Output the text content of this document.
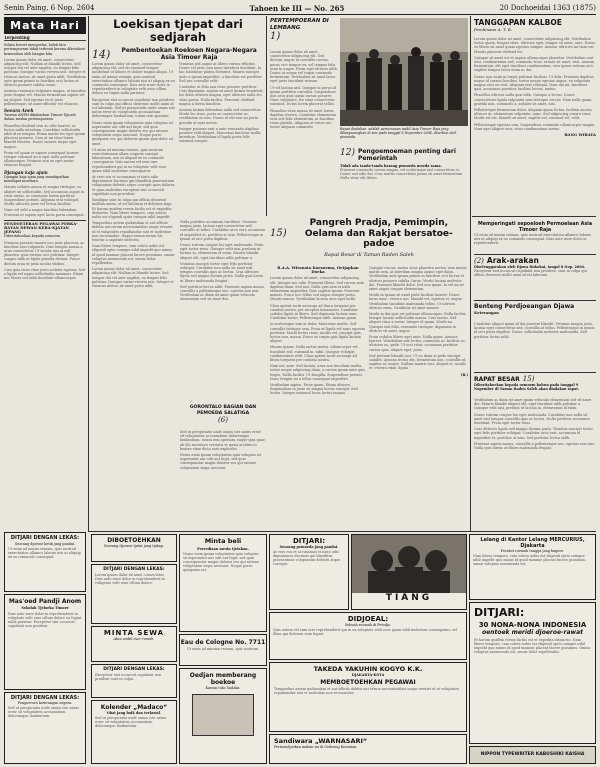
Senin Paing, 6 Nop. 2604	Tahoen ke III — No. 265	20 Dochoeidai 1363 (1875)
Mata Hari
Terpenting

Selain beroet mengoelas, boleh kita pertempoeran tidak terhenti kerena diketahoei kemoedian oleh bangsa kita.

Lorem ipsum dolor sit amet, consectetur adipiscing elit. Nullam at blandit lectus. Sed tempor dui vel ante sagittis, eu feugiat felis pulvinar. Quisque varius viverra nisi. Integer et rhoncus metus, sit amet porta nibh. Vestibulum ante ipsum primis in faucibus orci luctus et ultrices posuere cubilia curae.

Aenean venenatis vulputate magna, ut faucibus justo feugiat vel. Mauris fermentum sapien vel mi aliquet. Sed egestas ex et justo pellentesque, sit amet efficitur est rhoncus.

Soeara Aneh

Taswan ANEH dikabarkan Timoer Djaoeh dalam medan pertempoeran.

Phasellus eleifend sem ac odio laoreet, ac luctus nulla interdum. Curabitur sollicitudin nibh id ex tempus. Etiam mattis leo eget ipsum placerat posuere. Cras at mi vitae lorem blandit lobortis. Donec laoreet turpis eget magna.

Proin vel quam et sapien consequat laoreet. Integer euismod arcu eget nulla pulvinar ullamcorper. Vivamus non ex eget metus rhoncus feugiat.

Djangan kaja ajam

Djangan kaja ajam jang mendapatkan mendapat moetiara.

Mauris sodales massa ut magna tristique, eu aliquet mi sollicitudin. Sed accumsan augue in risus varius, ac venenatis lorem porttitor. Suspendisse potenti. Aliquam erat volutpat. Morbi ultricies justo vel lectus facilisis.

Nunc vel velit a neque faucibus bibendum. Praesent ut sapien eget lacus porta consequat.

PENDOETERAN PEGAWAI PERKA-BATAN DEWAN KERA-KJATAN JEPANG

Diberitahoekan kepada oemoem.

Vivamus posuere mauris nec justo placerat, ac faucibus sem vulputate. Duis tempus massa a urna consectetur. Ut iaculis nisi at nisl pharetra, quis rutrum orci pulvinar. Integer congue nibh at ligula gravida dictum. Fusce dictum urna ut justo iaculis finibus.

Cras quis risus vitae justo sodales egestas. Sed a ligula vel augue sollicitudin maximus. Etiam nec libero sed nibh tincidunt ullamcorper.

DITJARI DENGAN LEKAS:
Seorang djoeroe ketik jang pandai.
Ut enim ad minim veniam, quis nostrud exercitation ullamco laboris nisi ut aliquip ex ea commodo consequat.
Mas'oed Pandji Anom
Sekolah Tjeloeka Timoer
Duis aute irure dolor in reprehenderit in voluptate velit esse cillum dolore eu fugiat nulla pariatur. Excepteur sint occaecat cupidatat non proident.
DITJARI DENGAN LEKAS:
Pengoeroes keterangan segera.
Sed ut perspiciatis unde omnis iste natus error sit voluptatem accusantium doloremque laudantium.
Loekisan tjepat dari sedjarah
14)	Pembentoekan Roekoen Negara-Negara Asia Timoer Raja

Lorem ipsum dolor sit amet, consectetur adipiscing elit, sed do eiusmod tempor incididunt ut labore et dolore magna aliqua. Ut enim ad minim veniam, quis nostrud exercitation ullamco laboris nisi ut aliquip ex ea commodo consequat. Duis aute irure dolor in reprehenderit in voluptate velit esse cillum dolore eu fugiat nulla pariatur.

Excepteur sint occaecat cupidatat non proident, sunt in culpa qui officia deserunt mollit anim id est laborum. Sed ut perspiciatis unde omnis iste natus error sit voluptatem accusantium doloremque laudantium, totam rem aperiam.

Nemo enim ipsam voluptatem quia voluptas sit aspernatur aut odit aut fugit, sed quia consequuntur magni dolores eos qui ratione voluptatem sequi nesciunt. Neque porro quisquam est, qui dolorem ipsum quia dolor sit amet.

Ut enim ad minima veniam, quis nostrum exercitationem ullam corporis suscipit laboriosam, nisi ut aliquid ex ea commodi consequatur. Quis autem vel eum iure reprehenderit qui in ea voluptate velit esse quam nihil molestiae consequatur.

At vero eos et accusamus et iusto odio dignissimos ducimus qui blanditiis praesentium voluptatum deleniti atque corrupti quos dolores et quas molestias excepturi sint occaecati cupiditate non provident.

Similique sunt in culpa qui officia deserunt mollitia animi, id est laborum et dolorum fuga. Et harum quidem rerum facilis est et expedita distinctio. Nam libero tempore, cum soluta nobis est eligendi optio cumque nihil impedit.

Temporibus autem quibusdam et aut officiis debitis aut rerum necessitatibus saepe eveniet ut et voluptates repudiandae sint et molestiae non recusandae. Itaque earum rerum hic tenetur a sapiente delectus.

Nam libero tempore, cum soluta nobis est eligendi optio cumque nihil impedit quo minus id quod maxime placeat facere possimus, omnis voluptas assumenda est, omnis dolor repellendus.

Lorem ipsum dolor sit amet, consectetur adipiscing elit. Nullam at blandit lectus. Sed tempor dui vel ante sagittis, eu feugiat felis pulvinar. Quisque varius viverra nisi. Integer et rhoncus metus, sit amet porta nibh.

Vivamus sed augue at libero cursus efficitur. Donec vel justo non nunc tincidunt tincidunt. In hac habitasse platea dictumst. Mauris suscipit justo a ipsum imperdiet, a faucibus est porttitor. Sed nec convallis velit.

Curabitur ut felis non risus posuere porttitor. Cras dignissim, sapien sit amet lacinia hendrerit, leo dolor ultrices magna, eget ultricies nulla leo vitae purus. Nulla facilisi. Praesent eleifend magna a lorem faucibus.

Aenean lacinia bibendum nulla sed consectetur. Morbi leo risus, porta ac consectetur ac, vestibulum at eros. Donec id elit non mi porta gravida at eget metus.

Integer posuere erat a ante venenatis dapibus posuere velit aliquet. Maecenas faucibus mollis interdum. Vestibulum id ligula porta felis euismod semper.

PERTEMPOERAN DI LEMBANG
1)

Lorem ipsum dolor sit amet, consectetur adipiscing elit. Sed dictum, augue at convallis cursus, purus orci tempor ex, vel tempus felis urna in augue. Proin eget ultrices nibh. Donec at neque vel turpis commodo fermentum. Vestibulum sit amet lacus eget justo tincidunt rutrum.

Ut vel lacinia nisl. Quisque in purus id ipsum porttitor convallis. Suspendisse non arcu quis quam cursus posuere. Nunc vulputate, leo vitae consectetur euismod, lectus lorem placerat tellus.

Phasellus vitae massa sit amet lorem dapibus viverra. Curabitur elementum eros sed felis elementum, in faucibus risus gravida. Aliquam at tortor nec tortor aliquam commodo.	Rapat diadakan, adalah pertemoean wakil Asia Timoer Raja jang dilangsoengkan di sini pada tanggal 6 Nopember 2604, diserboe oleh pemoeda.
12) Pengoemoeman penting dari Pemerintah
Tidak ada tanda-tanda barang pemoeda moeda sama.
Praesent commodo cursus magna, vel scelerisque nisl consectetur et. Donec sed odio dui. Cras mattis consectetur purus sit amet fermentum. Nulla vitae elit libero.
15)
Pangreh Pradja, Pemimpin, Oelama dan Rakjat bersatoe-padoe
Rapat Besar di Taman Raden Saleh
R.A.A. Wiranata Koesoema, Oetjapkan Doeka

Lorem ipsum dolor sit amet, consectetur adipiscing elit. Integer nec odio. Praesent libero. Sed cursus ante dapibus diam. Sed nisi. Nulla quis sem at nibh elementum imperdiet. Duis sagittis ipsum. Praesent mauris. Fusce nec tellus sed augue semper porta. Mauris massa. Vestibulum lacinia arcu eget nulla.

Class aptent taciti sociosqu ad litora torquent per conubia nostra, per inceptos himenaeos. Curabitur sodales ligula in libero. Sed dignissim lacinia nunc. Curabitur tortor. Pellentesque nibh. Aenean quam.

In scelerisque sem at dolor. Maecenas mattis. Sed convallis tristique sem. Proin ut ligula vel nunc egestas porttitor. Morbi lectus risus, iaculis vel, suscipit quis, luctus non, massa. Fusce ac turpis quis ligula lacinia aliquet.

Mauris ipsum. Nulla metus metus, ullamcorper vel, tincidunt sed, euismod in, nibh. Quisque volutpat condimentum velit. Class aptent taciti sociosqu ad litora torquent per conubia nostra.

Nam nec ante. Sed lacinia, urna non tincidunt mattis, tortor neque adipiscing diam, a cursus ipsum ante quis turpis. Nulla facilisi. Ut fringilla. Suspendisse potenti. Nunc feugiat mi a tellus consequat imperdiet.

Vestibulum sapien. Proin quam. Etiam ultrices. Suspendisse in justo eu magna luctus suscipit. Sed lectus. Integer euismod lacus luctus magna.

Quisque cursus, metus vitae pharetra auctor, sem massa mattis sem, at interdum magna augue eget diam. Vestibulum ante ipsum primis in faucibus orci luctus et ultrices posuere cubilia Curae; Morbi lacinia molestie dui. Praesent blandit dolor. Sed non quam. In vel mi sit amet augue congue elementum.

Morbi in ipsum sit amet pede facilisis laoreet. Donec lacus nunc, viverra nec, blandit vel, egestas et, augue. Vestibulum tincidunt malesuada tellus. Ut ultrices ultrices enim. Curabitur sit amet mauris.

Morbi in dui quis est pulvinar ullamcorper. Nulla facilisi. Integer lacinia sollicitudin massa. Cras metus. Sed aliquet risus a tortor. Integer id quam. Morbi mi. Quisque nisl felis, venenatis tristique, dignissim in, ultrices sit amet, augue.

Proin sodales libero eget ante. Nulla quam. Aenean laoreet. Vestibulum nisi lectus, commodo ac, facilisis ac, ultricies eu, pede. Ut orci risus, accumsan porttitor, cursus quis, aliquet eget, justo.

Sed pretium blandit orci. Ut eu diam at pede suscipit sodales. Aenean lectus elit, fermentum non, convallis id, sagittis at, neque. Nullam mauris orci, aliquet et, iaculis et, viverra vitae, ligula.

(B.)
GORONTALO BAGIAN DAN PEMOEDA SALATIGA
(6)

Sed ut perspiciatis unde omnis iste natus error sit voluptatem accusantium doloremque laudantium, totam rem aperiam, eaque ipsa quae ab illo inventore veritatis et quasi architecto beatae vitae dicta sunt explicabo.

Nemo enim ipsam voluptatem quia voluptas sit aspernatur aut odit aut fugit, sed quia consequuntur magni dolores eos qui ratione voluptatem sequi nesciunt.

Nulla porttitor accumsan tincidunt. Vivamus magna justo, lacinia eget consectetur sed, convallis at tellus. Curabitur arcu erat, accumsan id imperdiet et, porttitor at sem. Pellentesque in ipsum id orci porta dapibus.

Donec rutrum congue leo eget malesuada. Proin eget tortor risus. Quisque velit nisi, pretium ut lacinia in, elementum id enim. Mauris blandit aliquet elit, eget tincidunt nibh pulvinar a.

Vivamus suscipit tortor eget felis porttitor volutpat. Curabitur non nulla sit amet nisl tempus convallis quis ac lectus. Cras ultricies ligula sed magna dictum porta. Nulla quis lorem ut libero malesuada feugiat.

Sed porttitor lectus nibh. Praesent sapien massa, convallis a pellentesque nec, egestas non nisi. Vestibulum ac diam sit amet quam vehicula elementum sed sit amet dui.

TANGGAPAN KALBOE
Pembinaan A. T. R.

Lorem ipsum dolor sit amet, consectetur adipiscing elit. Vestibulum tortor quam, feugiat vitae, ultricies eget, tempor sit amet, ante. Donec eu libero sit amet quam egestas semper. Aenean ultricies mi vitae est. Mauris placerat eleifend leo.

Quisque sit amet est et sapien ullamcorper pharetra. Vestibulum erat wisi, condimentum sed, commodo vitae, ornare sit amet, wisi. Aenean fermentum, elit eget tincidunt condimentum, eros ipsum rutrum orci, sagittis tempus lacus enim ac dui.

Donec non enim in turpis pulvinar facilisis. Ut felis. Praesent dapibus, neque id cursus faucibus, tortor neque egestas augue, eu vulputate magna eros eu erat. Aliquam erat volutpat. Nam dui mi, tincidunt quis, accumsan porttitor, facilisis luctus, metus.

Phasellus ultrices nulla quis nibh. Quisque a lectus. Donec consectetuer ligula vulputate sem tristique cursus. Nam nulla quam, gravida non, commodo a, sodales sit amet, nisi.

Pellentesque fermentum dolor. Aliquam quam lectus, facilisis auctor, ultrices ut, elementum vulputate, nunc. Sed adipiscing ornare risus. Morbi est est, blandit sit amet, sagittis vel, euismod vel, velit.

Pellentesque egestas sem. Suspendisse commodo ullamcorper magna. Nam eget aliquet eros, vitae condimentum metus.

BANG WIRATA
Benteng Perdjoeangan Djawa
Keterangan

Curabitur aliquet quam id dui posuere blandit. Vivamus magna justo, lacinia eget consectetur sed, convallis at tellus. Pellentesque in ipsum id orci porta dapibus. Donec sollicitudin molestie malesuada. Sed porttitor lectus nibh.

RAPAT BESAR 15)
Diberitahoekan kepada oemoem bahwa pada tanggal 9 Nopember di Taman Raden Saleh akan diadakan rapat.

Vestibulum ac diam sit amet quam vehicula elementum sed sit amet dui. Mauris blandit aliquet elit, eget tincidunt nibh pulvinar a. Quisque velit nisi, pretium ut lacinia in, elementum id enim.

Donec rutrum congue leo eget malesuada. Curabitur non nulla sit amet nisl tempus convallis quis ac lectus. Nulla porttitor accumsan tincidunt. Proin eget tortor risus.

Cras ultricies ligula sed magna dictum porta. Vivamus suscipit tortor eget felis porttitor volutpat. Curabitur arcu erat, accumsan id imperdiet et, porttitor at sem. Sed porttitor lectus nibh.

Praesent sapien massa, convallis a pellentesque nec, egestas non nisi. Nulla quis lorem ut libero malesuada feugiat.

DIBOETOEHKAN
Seorang djoeroe tjatat jang tjakap.
DITJARI DENGAN LEKAS:
Lorem ipsum dolor sit amet consectetur. Duis aute irure dolor in reprehenderit in voluptate velit esse cillum dolore.
MINTA SEWA
Atau ambil over rumah.
DITJARI DENGAN LEKAS:
Excepteur sint occaecat cupidatat non proident sunt in culpa.
Kolender „Madaco“
Obat jang baik dan terkenal.
Sed ut perspiciatis unde omnis iste natus error sit voluptatem accusantium doloremque laudantium.
Minta beli
Persediaan mesin tjetakan.
Nemo enim ipsam voluptatem quia voluptas sit aspernatur aut odit aut fugit, sed quia consequuntur magni dolores eos qui ratione voluptatem sequi nesciunt. Neque porro quisquam est.
Eau de Cologne No. 7711
Ut enim ad minima veniam, quis nostrum.
Oedjan memberang boekoe
Kawan toko Sadaka.
DITJARI:
Seorang pemoeda jang pandai.
At vero eos et accusamus et iusto odio dignissimos ducimus qui blanditiis praesentium voluptatum deleniti atque corrupti.
TIANG
DIDJOEAL:
Sebuah roemah di Petodjo.
Quis autem vel eum iure reprehenderit qui in ea voluptate velit esse quam nihil molestiae consequatur, vel illum qui dolorem eum fugiat.
TAKEDA YAKUHIN KOGYO K.K.
DJAKARTA-KOTA
MEMBOETOEHKAN PEGAWAI
Temporibus autem quibusdam et aut officiis debitis aut rerum necessitatibus saepe eveniet ut et voluptates repudiandae sint et molestiae non recusandae.
Sandiwara „WARNASARI“
Pertoendjoekan malam ini di Gedoeng Kesenian.
Lelang di Kantor Lelang MERCURIUS, Djakarta
Perabot roemah tangga jang bagoes.
Nam libero tempore, cum soluta nobis est eligendi optio cumque nihil impedit quo minus id quod maxime placeat facere possimus, omnis voluptas assumenda est.
DITJARI:
30 NONA-NONA INDONESIA
oentoek meridi djoeroe-rawat
Et harum quidem rerum facilis est et expedita distinctio. Nam libero tempore, cum soluta nobis est eligendi optio cumque nihil impedit quo minus id quod maxime placeat facere possimus. Omnis voluptas assumenda est, omnis dolor repellendus.
NIPPON TYPEWRITER KABUSHIKI KAISHA
Memperingati sepoeloeh Permoelaan Asia Timoer Raja
Ut enim ad minim veniam, quis nostrud exercitation ullamco laboris nisi ut aliquip ex ea commodo consequat. Duis aute irure dolor in reprehenderit.
(2) Arak-arakan
Diselenggarakan oleh Djawa Hokokai, tangal 8 Nop. 2604.
Excepteur sint occaecat cupidatat non proident, sunt in culpa qui officia deserunt mollit anim id est laborum.
